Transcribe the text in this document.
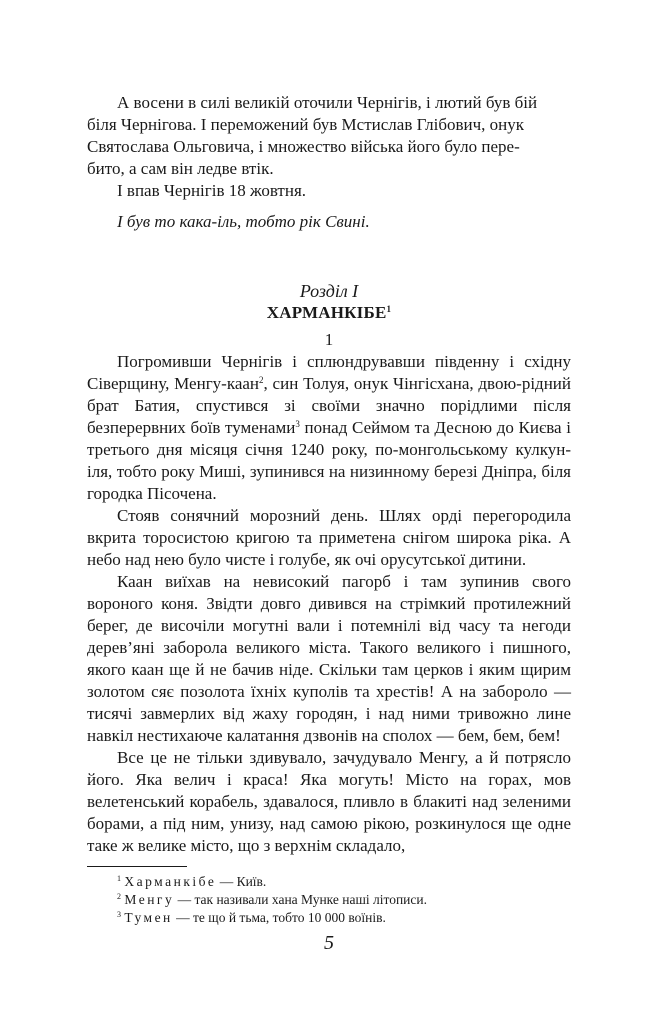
А восени в силі великій оточили Чернігів, і лютий був бій
біля Чернігова. І переможений був Мстислав Глібович, онук
Святослава Ольговича, і множество війська його було пере-
бито, а сам він ледве втік.

І впав Чернігів 18 жовтня.

І був то кака-іль, тобто рік Свині.

Розділ І
ХАРМАНКІБЕ$^1$
1

Погромивши Чернігів і сплюндрувавши південну і східну Сіверщину, Менгу-каан$^2$, син Толуя, онук Чінгісхана, двою-рідний брат Батия, спустився зі своїми значно порідлими після безперервних боїв туменами$^3$ понад Сеймом та Десною до Києва і третього дня місяця січня 1240 року, по-монгольському кулкун-іля, тобто року Миші, зупинився на низинному березі Дніпра, біля городка Пісочена.

Стояв сонячний морозний день. Шлях орді перегородила вкрита торосистою кригою та приметена снігом широка ріка. А небо над нею було чисте і голубе, як очі орусутської дитини.

Каан виїхав на невисокий пагорб і там зупинив свого вороного коня. Звідти довго дивився на стрімкий протилежний берег, де височіли могутні вали і потемнілі від часу та негоди дерев’яні заборола великого міста. Такого великого і пишного, якого каан ще й не бачив ніде. Скільки там церков і яким щирим золотом сяє позолота їхніх куполів та хрестів! А на забороло — тисячі завмерлих від жаху городян, і над ними тривожно лине навкіл нестихаюче калатання дзвонів на сполох — бем, бем, бем!

Все це не тільки здивувало, зачудувало Менгу, а й потрясло його. Яка велич і краса! Яка могуть! Місто на горах, мов велетенський корабель, здавалося, пливло в блакиті над зеленими борами, а під ним, унизу, над самою рікою, розкинулося ще одне таке ж велике місто, що з верхнім складало,

$^1$ Харманкібе — Київ.
$^2$ Менгу — так називали хана Мунке наші літописи.
$^3$ Тумен — те що й тьма, тобто 10 000 воїнів.
5
